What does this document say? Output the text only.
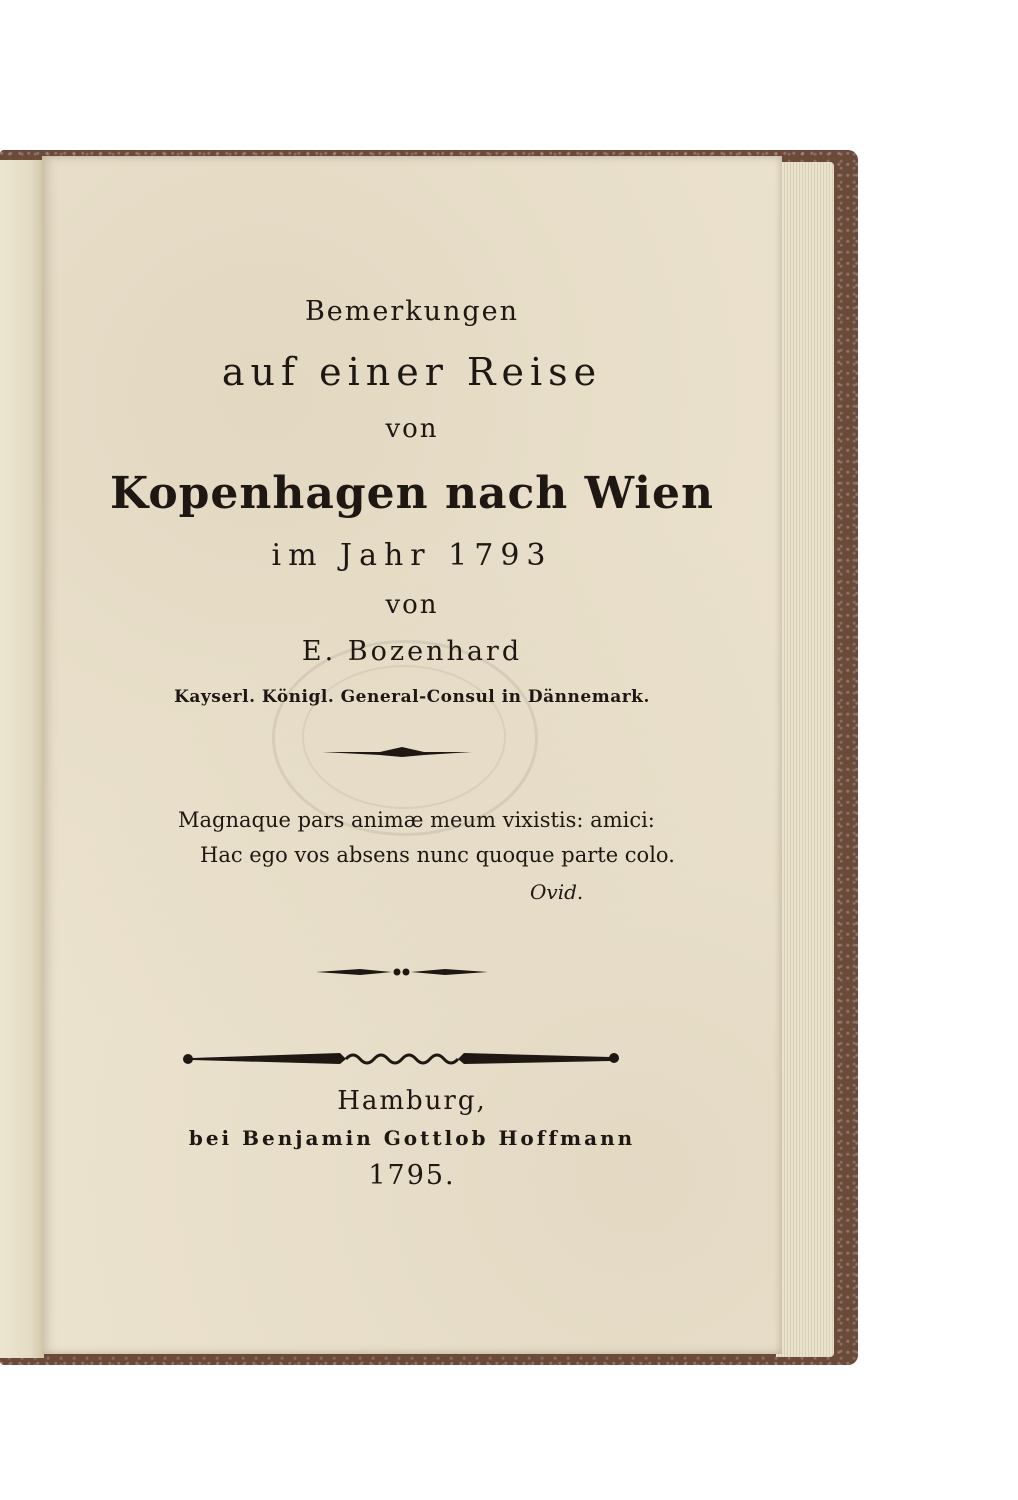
Bemerkungen
auf einer Reise
von
Kopenhagen nach Wien
im Jahr 1793
von
E. Bozenhard
Kayserl. Königl. General-Consul in Dännemark.
Magnaque pars animæ meum vixistis: amici:
Hac ego vos absens nunc quoque parte colo.
Ovid.
Hamburg,
bei Benjamin Gottlob Hoffmann
1795.
